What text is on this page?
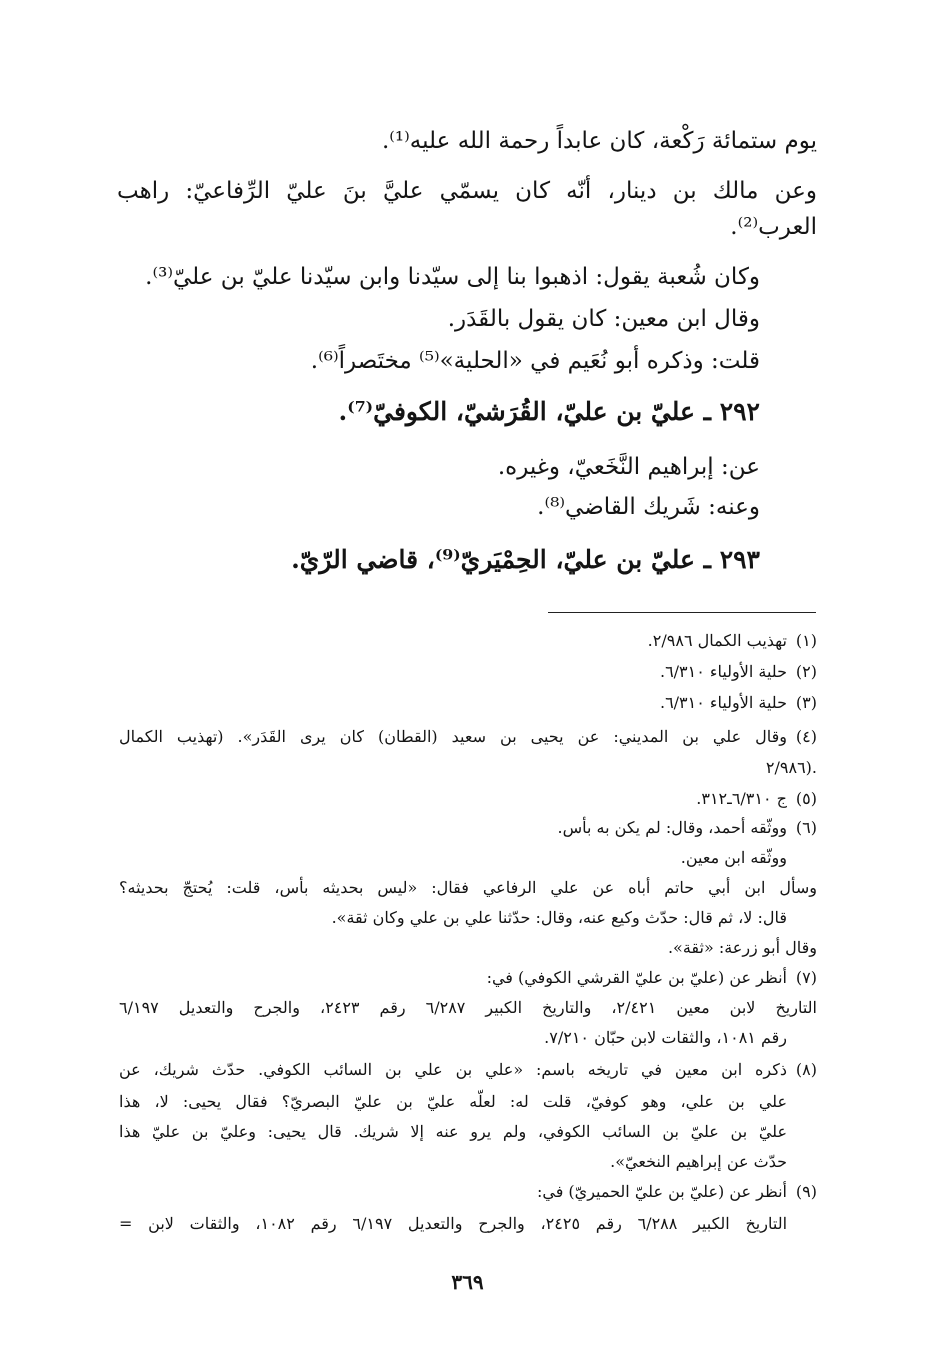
يوم ستمائة رَكْعة، كان عابداً رحمة الله عليه⁽¹⁾.
وعن مالك بن دينار، أنّه كان يسمّي عليَّ بنَ عليّ الرِّفاعيّ: راهب
العرب⁽²⁾.
وكان شُعبة يقول: اذهبوا بنا إلى سيّدنا وابن سيّدنا عليّ بن عليّ⁽³⁾.
وقال ابن معين: كان يقول بالقَدَر.
قلت: وذكره أبو نُعَيم في «الحلية»⁽⁵⁾ مختَصراً⁽⁶⁾.
٢٩٢ ـ عليّ بن عليّ، القُرَشيّ، الكوفيّ⁽⁷⁾.
عن: إبراهيم النَّخَعيّ، وغيره.
وعنه: شَريك القاضي⁽⁸⁾.
٢٩٣ ـ عليّ بن عليّ، الحِمْيَريّ⁽⁹⁾، قاضي الرّيّ.
(١)
تهذيب الكمال ٢/٩٨٦.
(٢)
حلية الأولياء ٦/٣١٠.
(٣)
حلية الأولياء ٦/٣١٠.
(٤)
وقال علي بن المديني: عن يحيى بن سعيد (القطان) كان يرى القَدَر». (تهذيب الكمال
٢/٩٨٦).
(٥)
ج ٦/٣١٠ـ٣١٢.
(٦)
ووثّقه أحمد، وقال: لم يكن به بأس.
ووثّقه ابن معين.
وسأل ابن أبي حاتم أباه عن علي الرفاعي فقال: «ليس بحديثه بأس، قلت: يُحتجّ بحديثه؟
قال: لا، ثم قال: حدّث وكيع عنه، وقال: حدّثنا علي بن علي وكان ثقة».
وقال أبو زرعة: «ثقة».
(٧)
أنظر عن (عليّ بن عليّ القرشي الكوفي) في:
التاريخ لابن معين ٢/٤٢١، والتاريخ الكبير ٦/٢٨٧ رقم ٢٤٢٣، والجرح والتعديل ٦/١٩٧
رقم ١٠٨١، والثقات لابن حبّان ٧/٢١٠.
(٨)
ذكره ابن معين في تاريخه باسم: «علي بن علي بن السائب الكوفي. حدّث شريك، عن
علي بن علي، وهو كوفيّ، قلت له: لعلّه عليّ بن عليّ البصريّ؟ فقال يحيى: لا، هذا
عليّ بن عليّ بن السائب الكوفي، ولم يرو عنه إلا شريك. قال يحيى: وعليّ بن عليّ هذا
حدّث عن إبراهيم النخعيّ».
(٩)
أنظر عن (عليّ بن عليّ الحميريّ) في:
التاريخ الكبير ٦/٢٨٨ رقم ٢٤٢٥، والجرح والتعديل ٦/١٩٧ رقم ١٠٨٢، والثقات لابن =
٣٦٩
